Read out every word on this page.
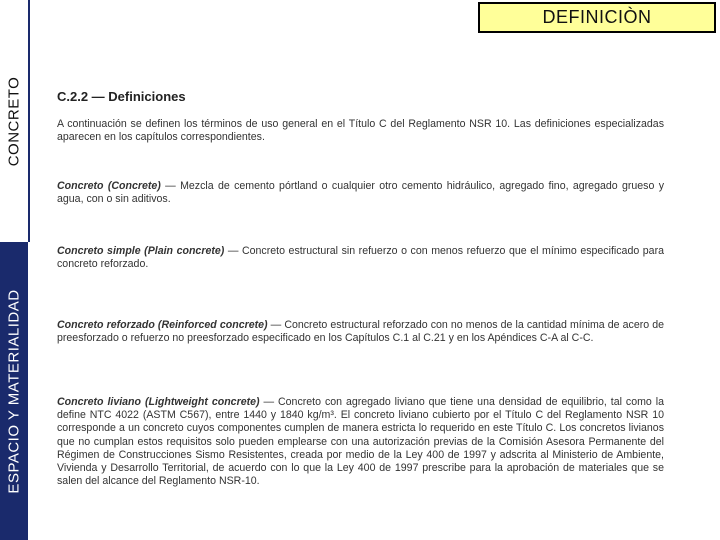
CONCRETO
ESPACIO Y MATERIALIDAD
DEFINICIÒN
C.2.2 — Definiciones
A continuación se definen los términos de uso general en el Título C del Reglamento NSR 10. Las definiciones especializadas aparecen en los capítulos correspondientes.
Concreto (Concrete) — Mezcla de cemento pórtland o cualquier otro cemento hidráulico, agregado fino, agregado grueso y agua, con o sin aditivos.
Concreto simple (Plain concrete) — Concreto estructural sin refuerzo o con menos refuerzo que el mínimo especificado para concreto reforzado.
Concreto reforzado (Reinforced concrete) — Concreto estructural reforzado con no menos de la cantidad mínima de acero de preesforzado o refuerzo no preesforzado especificado en los Capítulos C.1 al C.21 y en los Apéndices C-A al C-C.
Concreto liviano (Lightweight concrete) — Concreto con agregado liviano que tiene una densidad de equilibrio, tal como la define NTC 4022 (ASTM C567), entre 1440 y 1840 kg/m³. El concreto liviano cubierto por el Título C del Reglamento NSR 10 corresponde a un concreto cuyos componentes cumplen de manera estricta lo requerido en este Título C. Los concretos livianos que no cumplan estos requisitos solo pueden emplearse con una autorización previas de la Comisión Asesora Permanente del Régimen de Construcciones Sismo Resistentes, creada por medio de la Ley 400 de 1997 y adscrita al Ministerio de Ambiente, Vivienda y Desarrollo Territorial, de acuerdo con lo que la Ley 400 de 1997 prescribe para la aprobación de materiales que se salen del alcance del Reglamento NSR-10.
